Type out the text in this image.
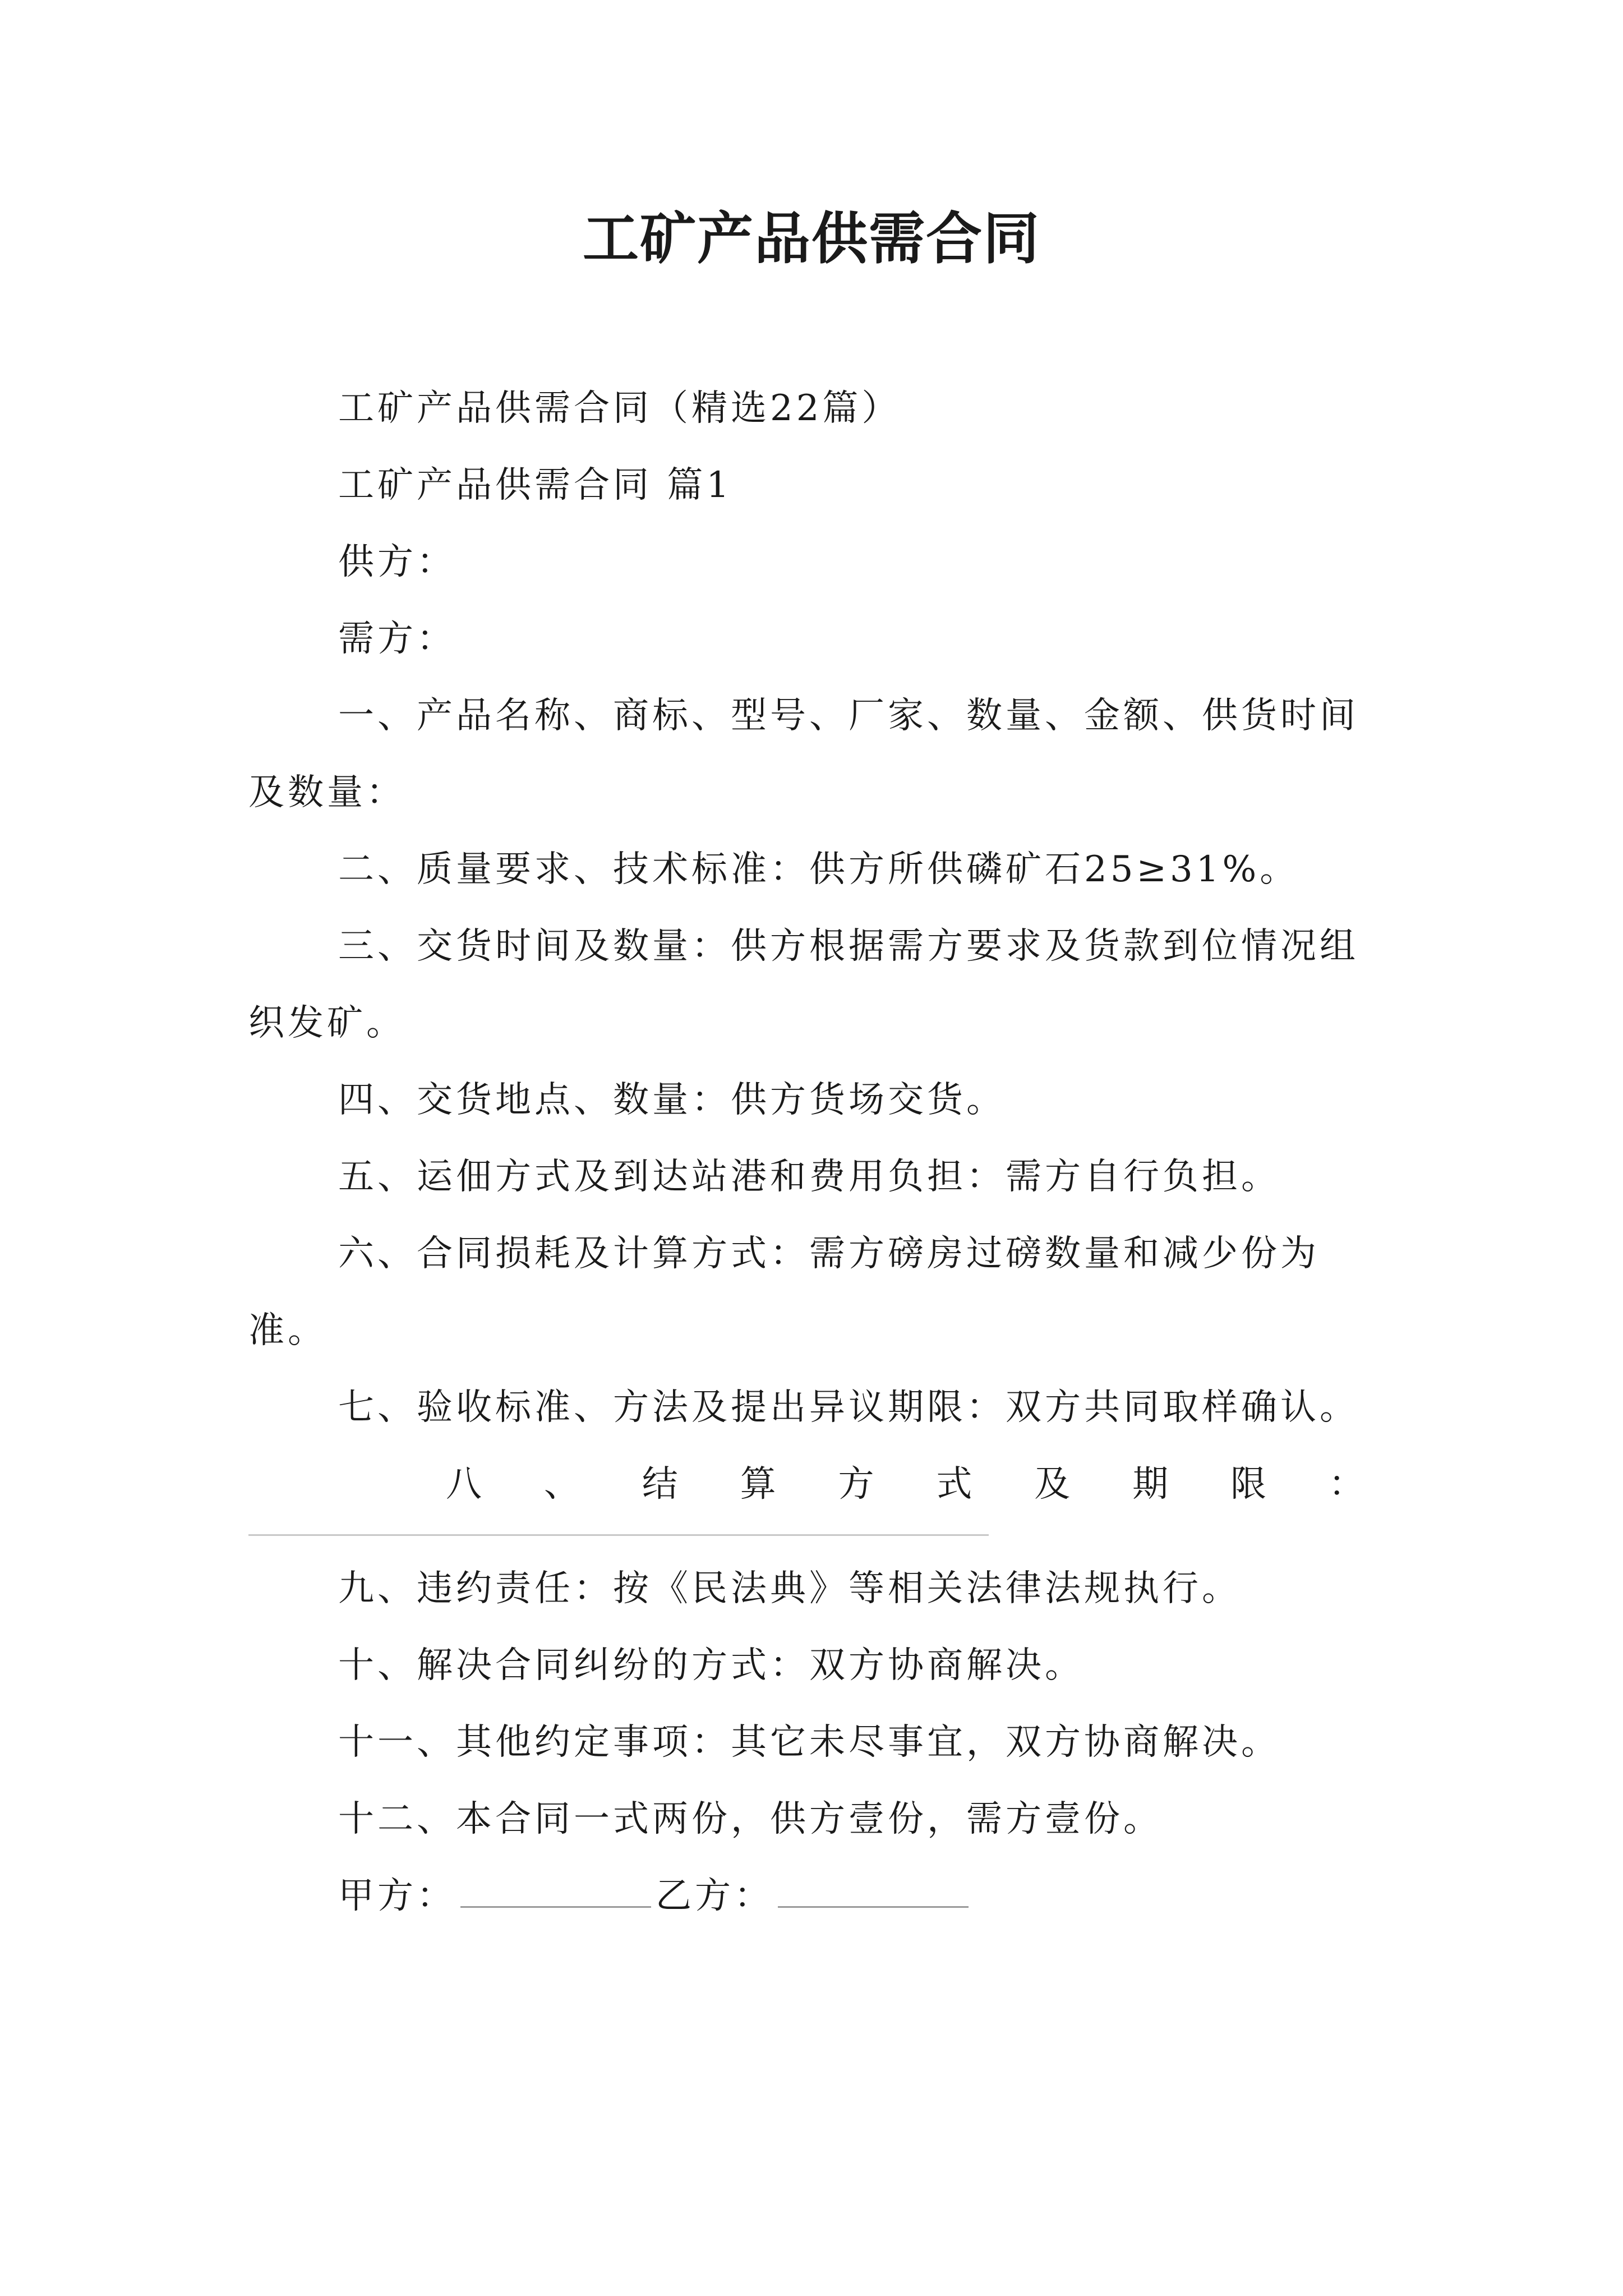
工矿产品供需合同

工矿产品供需合同（精选22篇）

工矿产品供需合同 篇1

供方：

需方：

一、产品名称、商标、型号、厂家、数量、金额、供货时间及数量：

二、质量要求、技术标准：供方所供磷矿石25≥31%。

三、交货时间及数量：供方根据需方要求及货款到位情况组织发矿。

四、交货地点、数量：供方货场交货。

五、运佃方式及到达站港和费用负担：需方自行负担。

六、合同损耗及计算方式：需方磅房过磅数量和减少份为准。

七、验收标准、方法及提出异议期限：双方共同取样确认。

八 、 结 算 方 式 及 期 限 ：

九、违约责任：按《民法典》等相关法律法规执行。

十、解决合同纠纷的方式：双方协商解决。

十一、其他约定事项：其它未尽事宜，双方协商解决。

十二、本合同一式两份，供方壹份，需方壹份。

甲方：	乙方：
